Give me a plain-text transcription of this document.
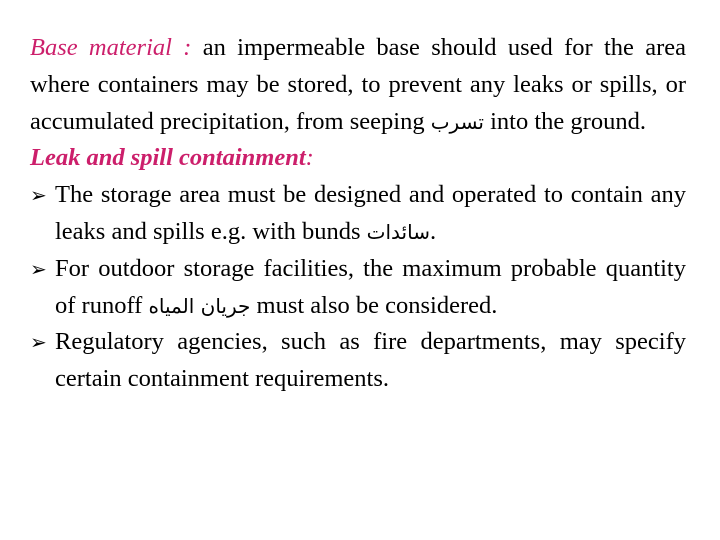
Base material : an impermeable base should used for the area where containers may be stored, to prevent any leaks or spills, or accumulated precipitation, from seeping تسرب into the ground.

Leak and spill containment:

➢ The storage area must be designed and operated to contain any leaks and spills e.g. with bunds سائدات.

➢ For outdoor storage facilities, the maximum probable quantity of runoff جريان المياه must also be considered.

➢ Regulatory agencies, such as fire departments, may specify certain containment requirements.
